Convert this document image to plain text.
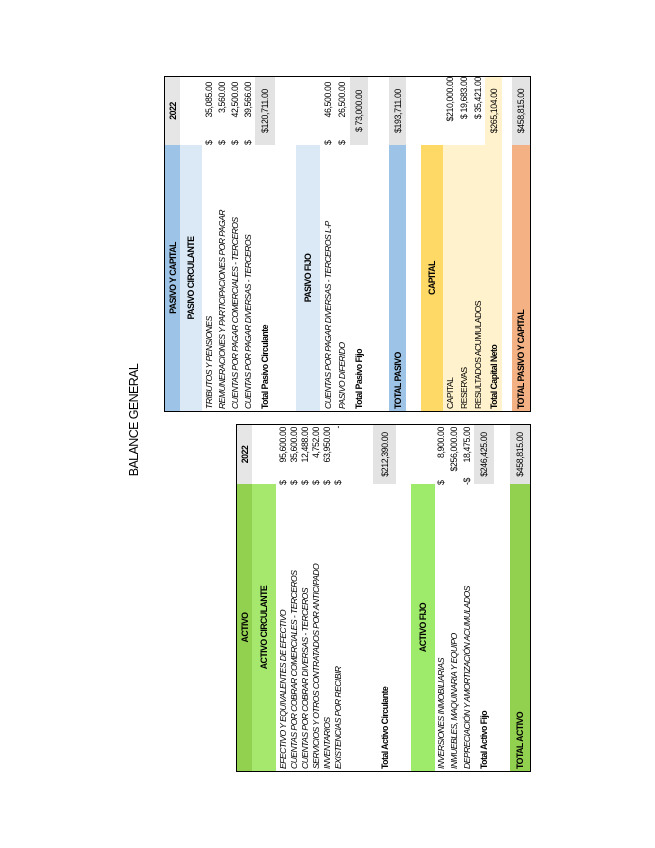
BALANCE GENERAL
ACTIVO
2022
ACTIVO CIRCULANTE EFECTIVO Y EQUIVALENTES DE EFECTIVO
$
95,600.00
CUENTAS POR COBRAR COMERCIALES - TERCEROS
$
35,600.00
CUENTAS POR COBRAR DIVERSAS - TERCEROS
$
12,488.00
SERVICIOS Y OTROS CONTRATADOS POR ANTICIPADO
$
4,752.00
INVENTARIOS
$
63,950.00
EXISTENCIAS POR RECIBIR
$
-
Total Activo Circulante
$212,390.00
ACTIVO FIJO
INVERSIONES INMOBILIARIAS
$
8,900.00
INMUEBLES, MAQUINARIA Y EQUIPO
$256,000.00
DEPRECIACIÓN Y AMORTIZACIÓN ACUMULADOS
-$
18,475.00
Total Activo Fijo
$246,425.00
TOTAL ACTIVO
$458,815.00
PASIVO Y CAPITAL
2022
PASIVO CIRCULANTE
TRIBUTOS Y PENSIONES
$
35,085.00
REMUNERACIONES Y PARTICIPACIONES POR PAGAR
$
3,560.00
CUENTAS POR PAGAR COMERCIALES - TERCEROS
$
42,500.00
CUENTAS POR PAGAR DIVERSAS - TERCEROS
$
39,566.00
Total Pasivo Circulante
$120,711.00
PASIVO FIJO	CUENTAS POR PAGAR DIVERSAS - TERCEROS L-P
$
46,500.00
PASIVO DIFERIDO
$
26,500.00
Total Pasivo Fijo
$ 73,000.00
TOTAL PASIVO
$193,711.00
CAPITAL
CAPITAL
$210,000.00
RESERVAS
$ 19,683.00
RESULTADOS ACUMULADOS
$ 35,421.00
Total Capital Neto
$265,104.00
TOTAL PASIVO Y CAPITAL
$458,815.00
